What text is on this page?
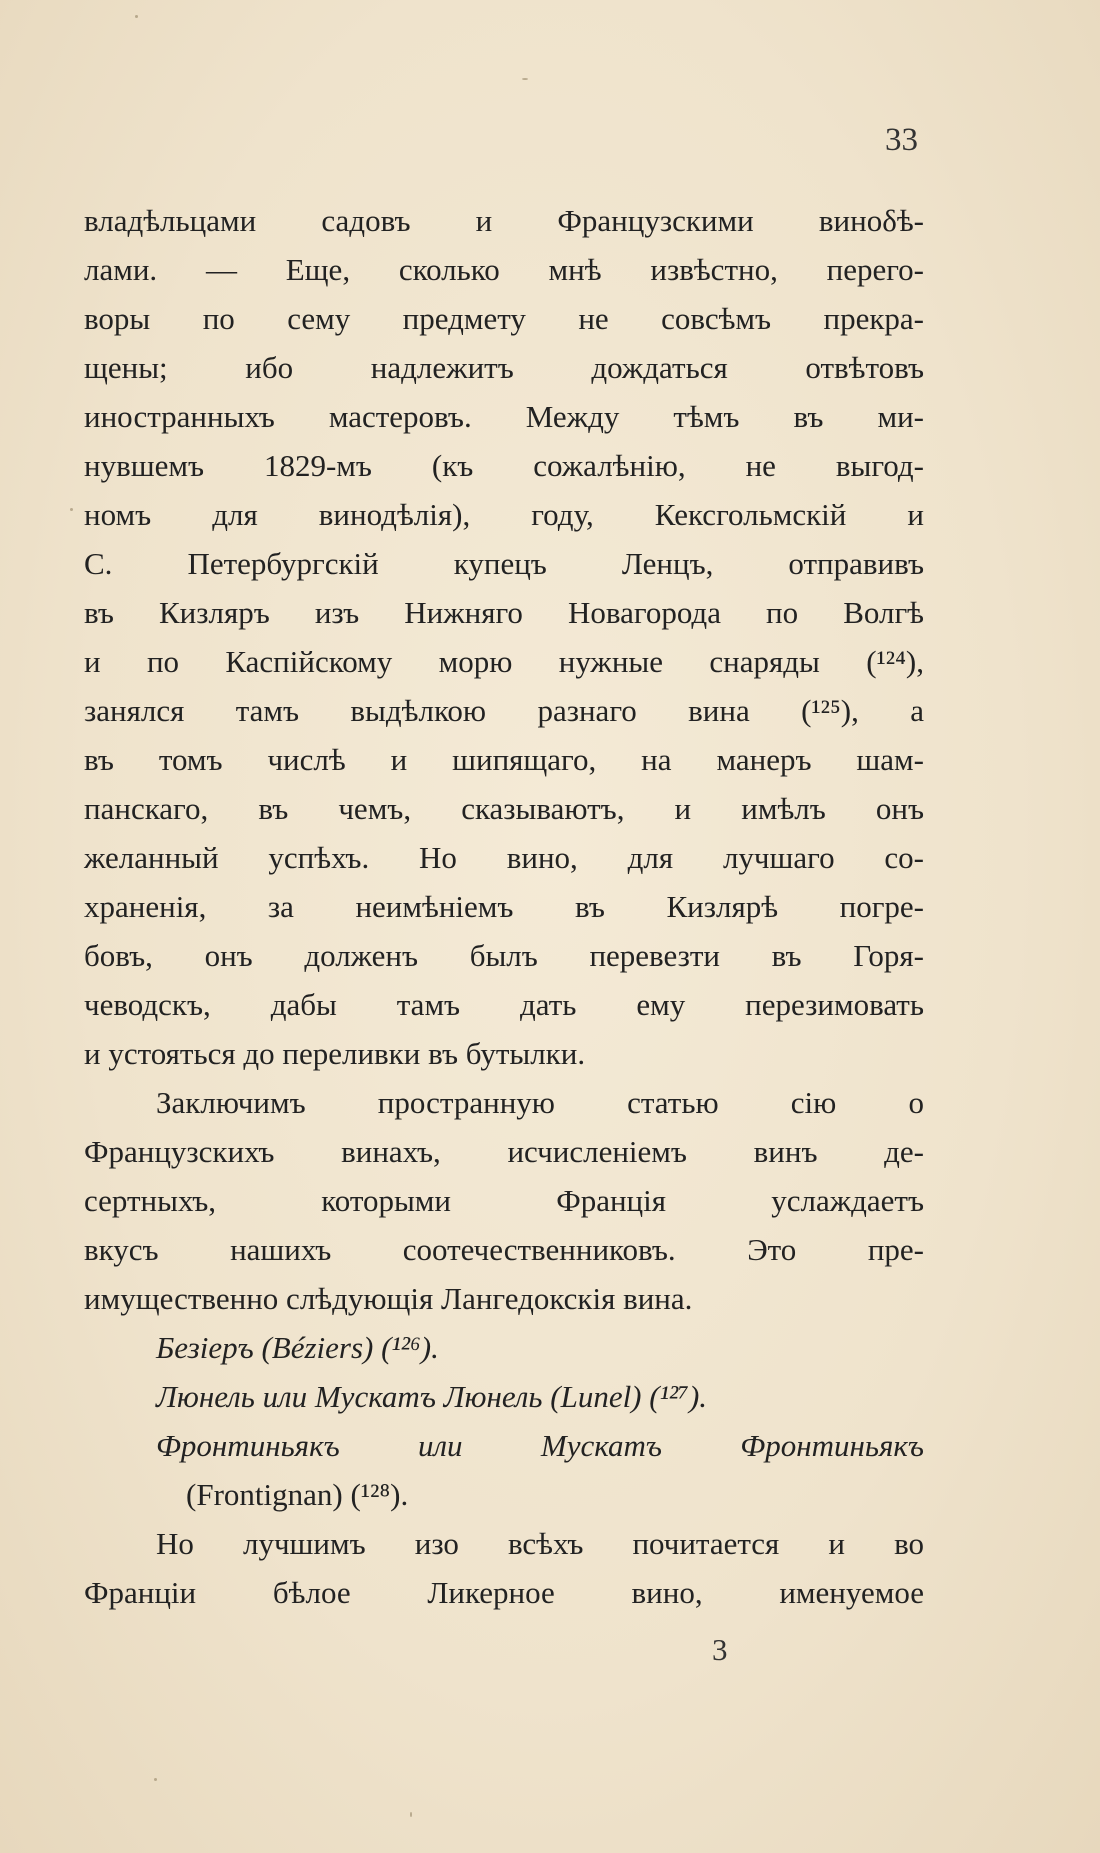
33
владѣльцами садовъ и Французскими виноδѣ-
лами. — Еще, сколько мнѣ извѣстно, перего-
воры по сему предмету не совсѣмъ прекра-
щены; ибо надлежитъ дождаться отвѣтовъ
иностранныхъ мастеровъ. Между тѣмъ въ ми-
нувшемъ 1829-мъ (къ сожалѣнію, не выгод-
номъ для винодѣлія), году, Кексгольмскій и
С. Петербургскій купецъ Ленцъ, отправивъ
въ Кизляръ изъ Нижняго Новагорода по Волгѣ
и по Каспійскому морю нужные снаряды (¹²⁴),
занялся тамъ выдѣлкою разнаго вина (¹²⁵), а
въ томъ числѣ и шипящаго, на манеръ шам-
панскаго, въ чемъ, сказываютъ, и имѣлъ онъ
желанный успѣхъ. Но вино, для лучшаго со-
храненія, за неимѣніемъ въ Кизлярѣ погре-
бовъ, онъ долженъ былъ перевезти въ Горя-
чеводскъ, дабы тамъ дать ему перезимовать
и устояться до переливки въ бутылки.
Заключимъ пространную статью сію о
Французскихъ винахъ, исчисленіемъ винъ де-
сертныхъ, которыми Франція услаждаетъ
вкусъ нашихъ соотечественниковъ. Это пре-
имущественно слѣдующія Лангедокскія вина.
Безіеръ (Béziers) (¹²⁶).
Люнель или Мускатъ Люнель (Lunel) (¹²⁷).
Фронтиньякъ или Мускатъ Фронтиньякъ
(Frontignan) (¹²⁸).
Но лучшимъ изо всѣхъ почитается и во
Франціи бѣлое Ликерное вино, именуемое
3
